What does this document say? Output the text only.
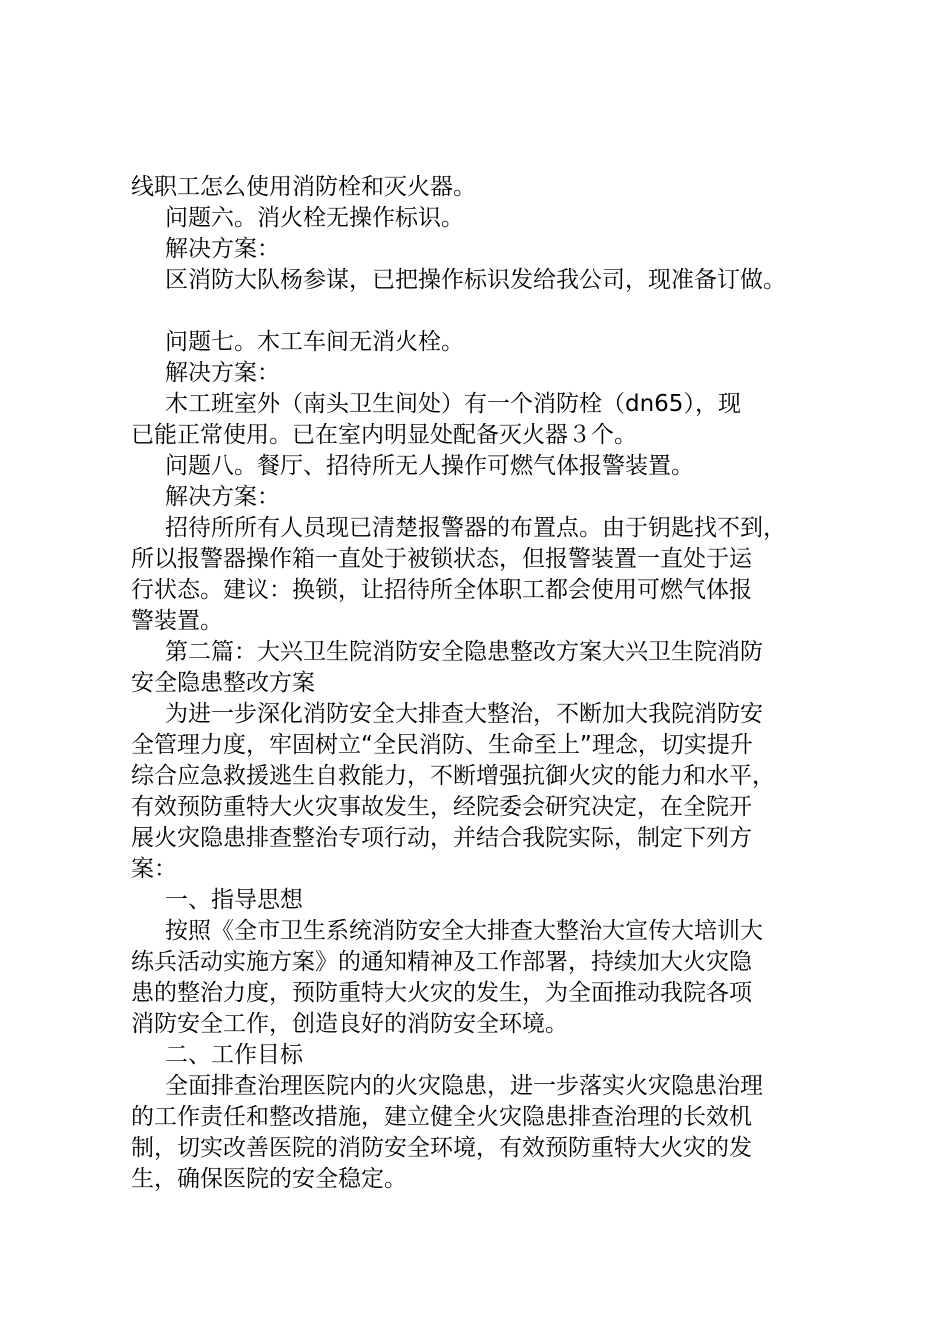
线职工怎么使用消防栓和灭火器。
问题六。消火栓无操作标识。
解决方案：
区消防大队杨参谋，已把操作标识发给我公司，现准备订做。
问题七。木工车间无消火栓。
解决方案：
木工班室外（南头卫生间处）有一个消防栓（dn65），现
已能正常使用。已在室内明显处配备灭火器３个。
问题八。餐厅、招待所无人操作可燃气体报警装置。
解决方案：
招待所所有人员现已清楚报警器的布置点。由于钥匙找不到，
所以报警器操作箱一直处于被锁状态，但报警装置一直处于运
行状态。建议：换锁，让招待所全体职工都会使用可燃气体报
警装置。
第二篇：大兴卫生院消防安全隐患整改方案大兴卫生院消防
安全隐患整改方案
为进一步深化消防安全大排查大整治，不断加大我院消防安
全管理力度，牢固树立“全民消防、生命至上”理念，切实提升
综合应急救援逃生自救能力，不断增强抗御火灾的能力和水平，
有效预防重特大火灾事故发生，经院委会研究决定，在全院开
展火灾隐患排查整治专项行动，并结合我院实际，制定下列方
案：
一、指导思想
按照《全市卫生系统消防安全大排查大整治大宣传大培训大
练兵活动实施方案》的通知精神及工作部署，持续加大火灾隐
患的整治力度，预防重特大火灾的发生，为全面推动我院各项
消防安全工作，创造良好的消防安全环境。
二、工作目标
全面排查治理医院内的火灾隐患，进一步落实火灾隐患治理
的工作责任和整改措施，建立健全火灾隐患排查治理的长效机
制，切实改善医院的消防安全环境，有效预防重特大火灾的发
生，确保医院的安全稳定。
